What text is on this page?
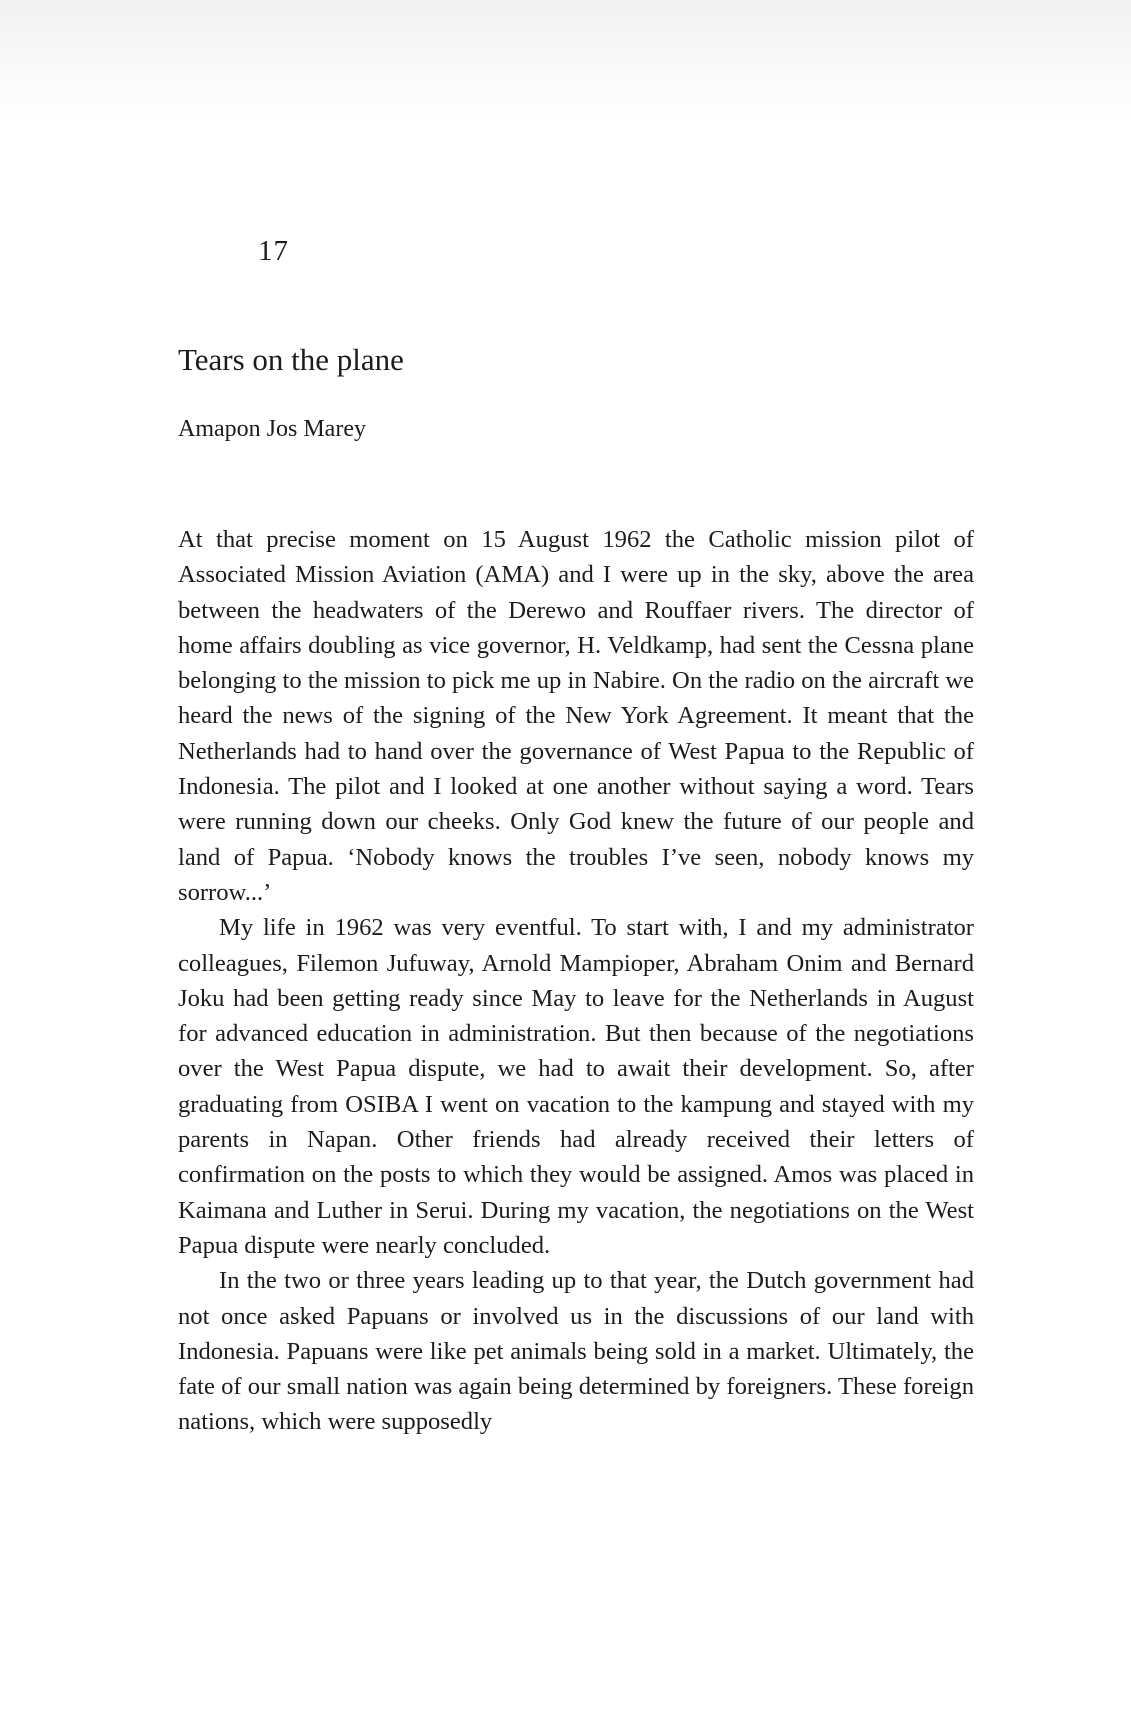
17
Tears on the plane
Amapon Jos Marey

At that precise moment on 15 August 1962 the Catholic mission pilot of Associated Mission Aviation (AMA) and I were up in the sky, above the area between the headwaters of the Derewo and Rouffaer rivers. The director of home affairs doubling as vice governor, H. Veldkamp, had sent the Cessna plane belonging to the mission to pick me up in Nabire. On the radio on the aircraft we heard the news of the signing of the New York Agreement. It meant that the Netherlands had to hand over the governance of West Papua to the Republic of Indonesia. The pilot and I looked at one another without saying a word. Tears were running down our cheeks. Only God knew the future of our people and land of Papua. ‘Nobody knows the troubles I’ve seen, nobody knows my sorrow...’

My life in 1962 was very eventful. To start with, I and my administrator colleagues, Filemon Jufuway, Arnold Mampioper, Abraham Onim and Bernard Joku had been getting ready since May to leave for the Netherlands in August for advanced education in administration. But then because of the negotiations over the West Papua dispute, we had to await their development. So, after graduating from OSIBA I went on vacation to the kampung and stayed with my parents in Napan. Other friends had already received their letters of confirmation on the posts to which they would be assigned. Amos was placed in Kaimana and Luther in Serui. During my vacation, the negotiations on the West Papua dispute were nearly concluded.

In the two or three years leading up to that year, the Dutch government had not once asked Papuans or involved us in the discussions of our land with Indonesia. Papuans were like pet animals being sold in a market. Ultimately, the fate of our small nation was again being determined by foreigners. These foreign nations, which were supposedly
